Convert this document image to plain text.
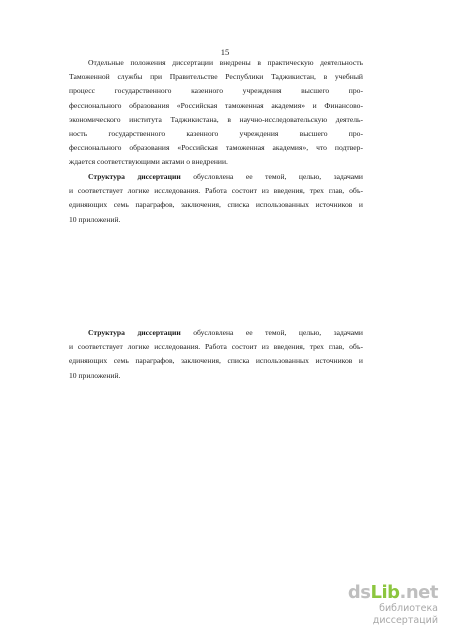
15
Отдельные положения диссертации внедрены в практическую деятельность
Таможенной службы при Правительстве Республики Таджикистан, в учебный
процесс государственного казенного учреждения высшего про-
фессионального образования «Российская таможенная академия» и Финансово-
экономического института Таджикистана, в научно-исследовательскую деятель-
ность государственного казенного учреждения высшего про-
фессионального образования «Российская таможенная академия», что подтвер-
ждается соответствующими актами о внедрении.
Структура диссертации обусловлена ее темой, целью, задачами
и соответствует логике исследования. Работа состоит из введения, трех глав, объ-
единяющих семь параграфов, заключения, списка использованных источников и
10 приложений.
Структура диссертации обусловлена ее темой, целью, задачами
и соответствует логике исследования. Работа состоит из введения, трех глав, объ-
единяющих семь параграфов, заключения, списка использованных источников и
10 приложений.
dsLib.net
библиотека диссертаций
